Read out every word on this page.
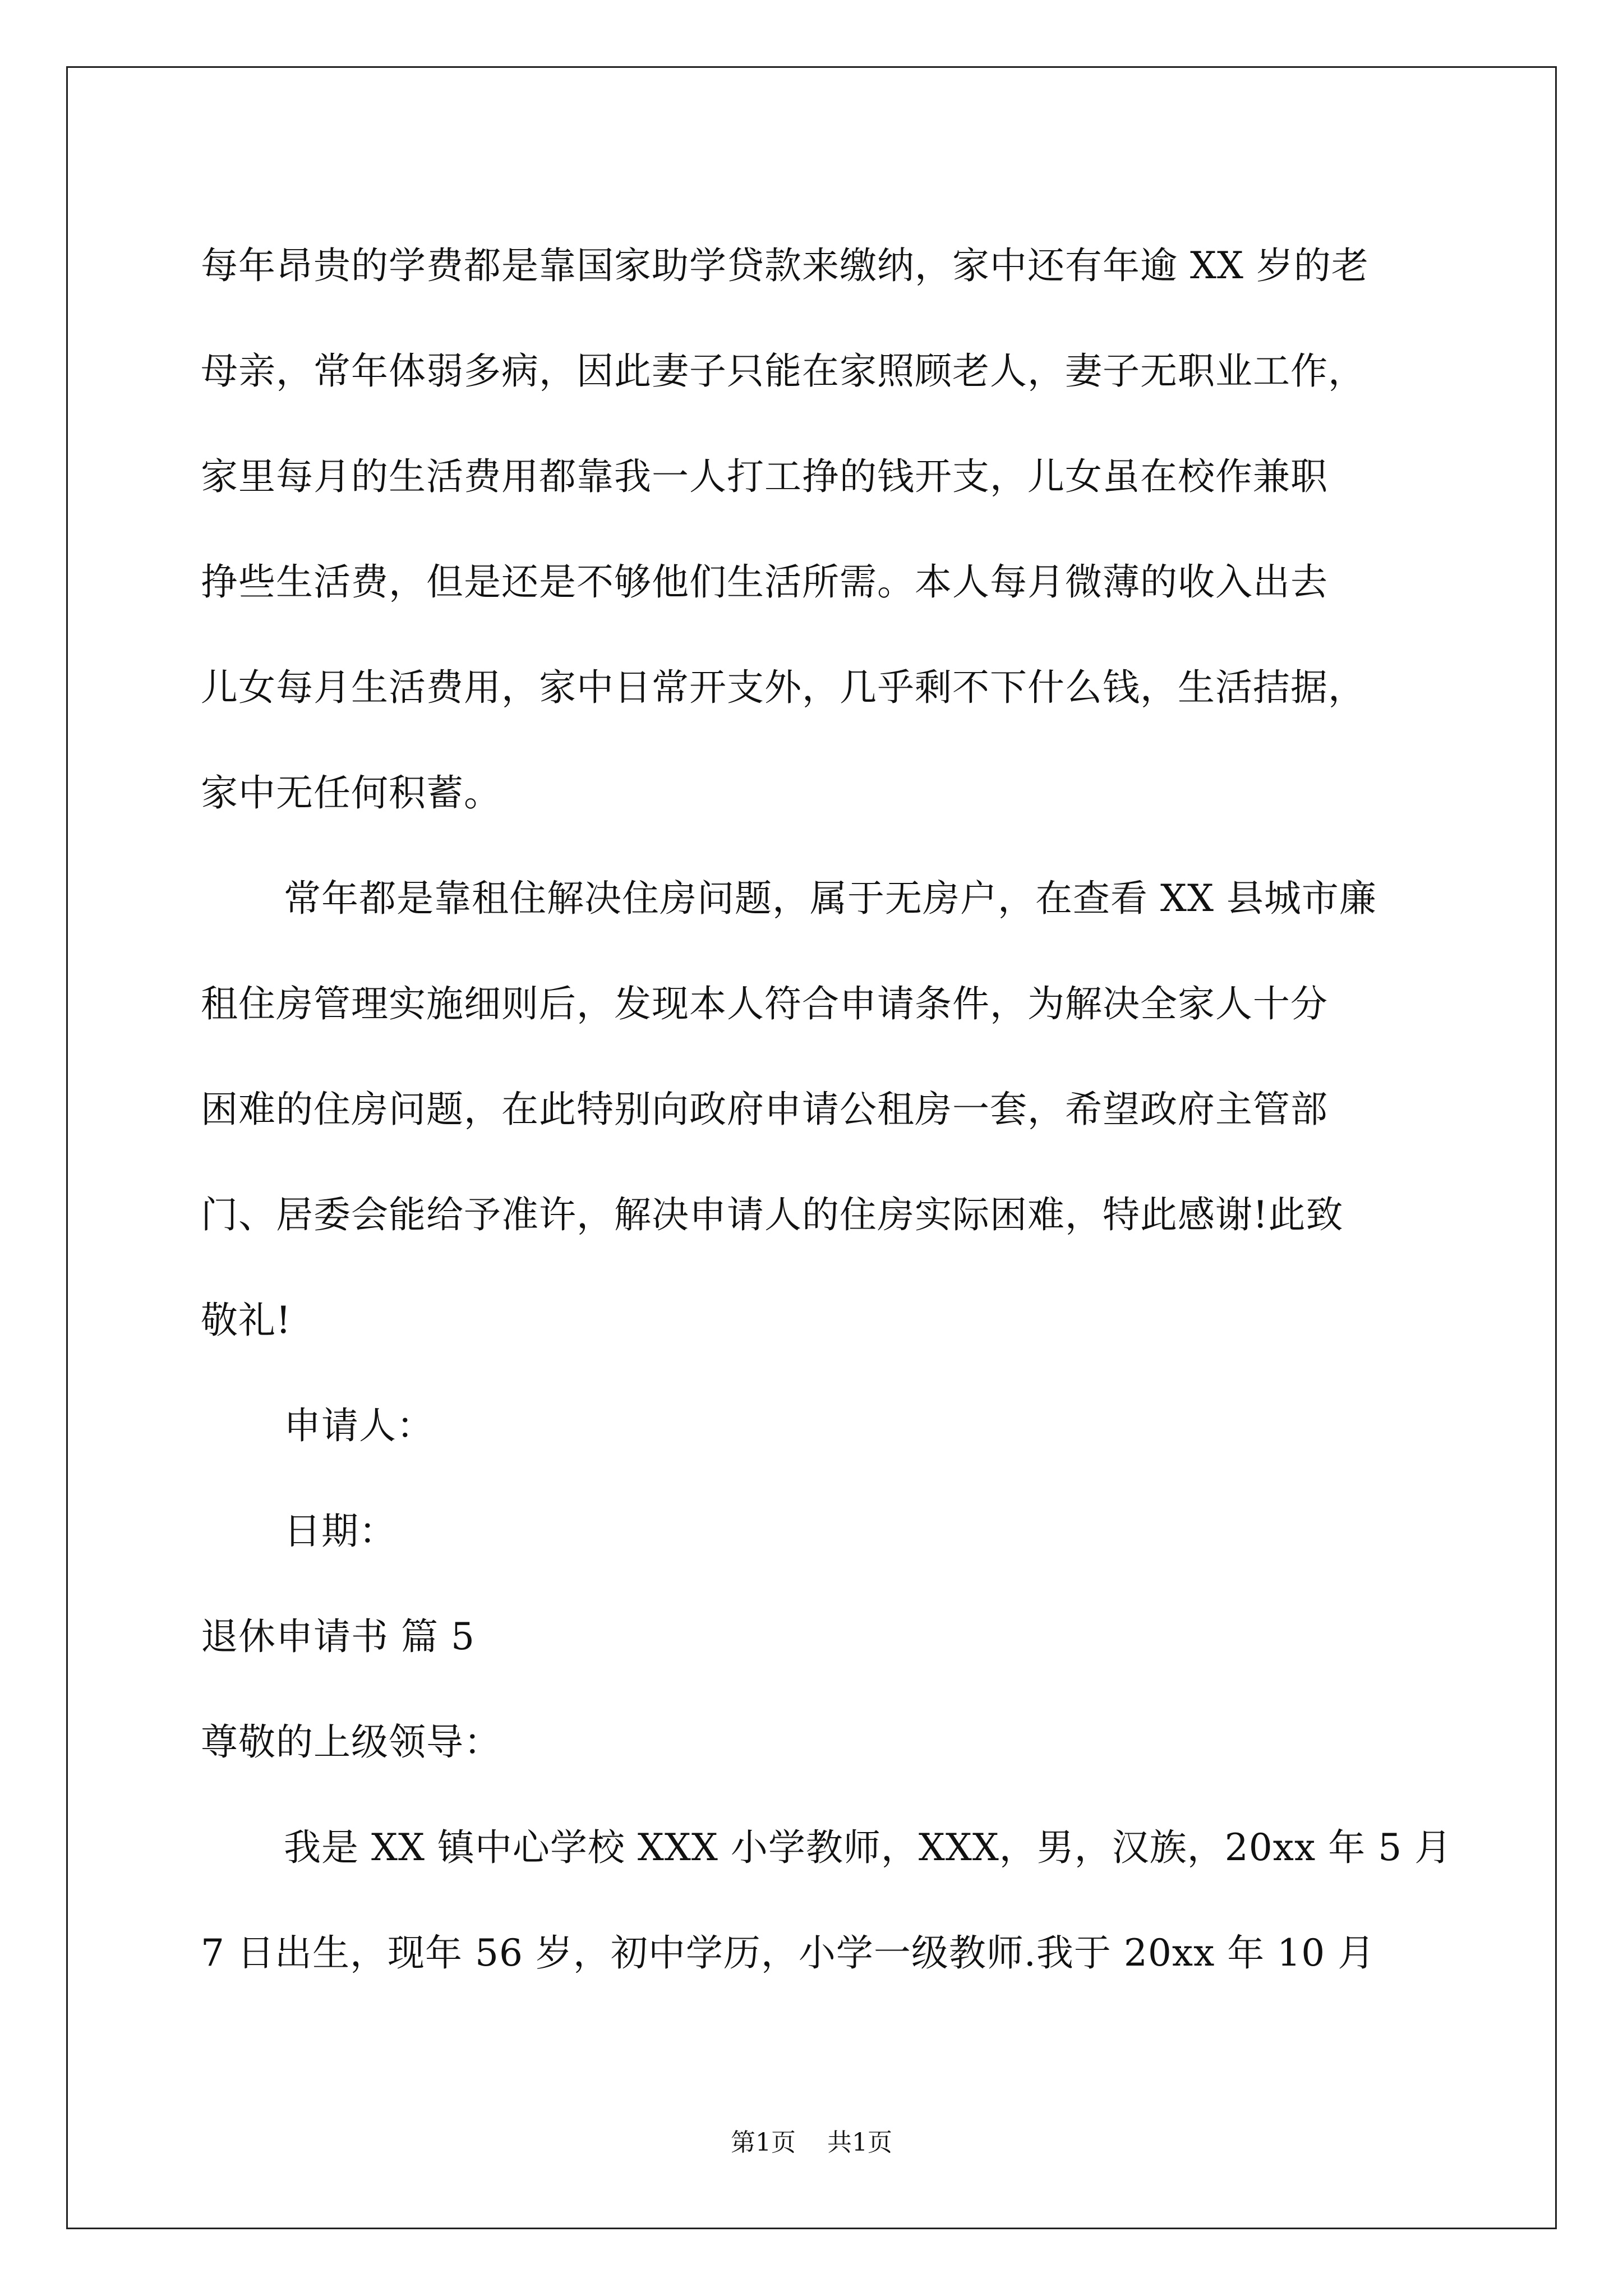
每年昂贵的学费都是靠国家助学贷款来缴纳，家中还有年逾 XX 岁的老
母亲，常年体弱多病，因此妻子只能在家照顾老人，妻子无职业工作，
家里每月的生活费用都靠我一人打工挣的钱开支，儿女虽在校作兼职
挣些生活费，但是还是不够他们生活所需。本人每月微薄的收入出去
儿女每月生活费用，家中日常开支外，几乎剩不下什么钱，生活拮据，
家中无任何积蓄。
常年都是靠租住解决住房问题，属于无房户，在查看 XX 县城市廉
租住房管理实施细则后，发现本人符合申请条件，为解决全家人十分
困难的住房问题，在此特别向政府申请公租房一套，希望政府主管部
门、居委会能给予准许，解决申请人的住房实际困难，特此感谢!此致
敬礼!
申请人：
日期：
退休申请书 篇 5
尊敬的上级领导：
我是 XX 镇中心学校 XXX 小学教师，XXX，男，汉族，20xx 年 5 月
7 日出生，现年 56 岁，初中学历，小学一级教师.我于 20xx 年 10 月
第1页 共1页
